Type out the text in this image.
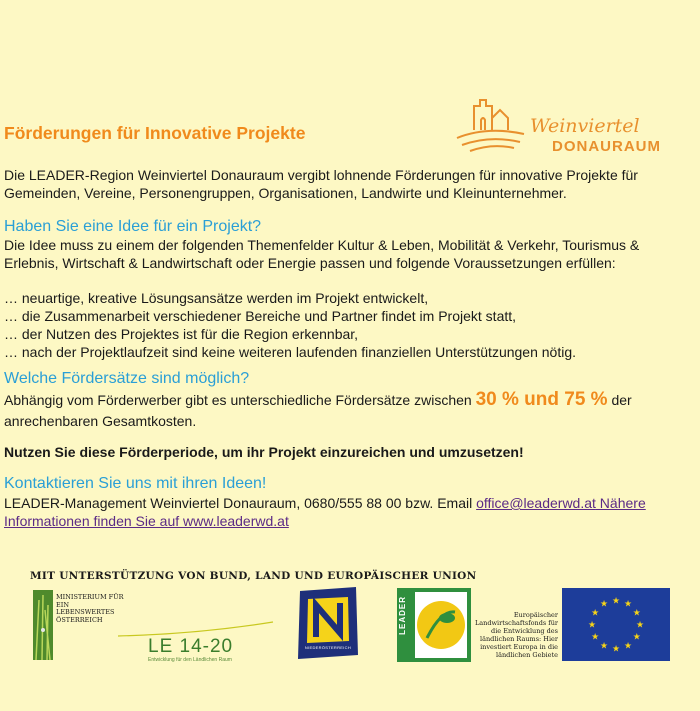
Weinviertel
DONAURAUM
Förderungen für Innovative Projekte

Die LEADER-Region Weinviertel Donauraum vergibt lohnende Förderungen für innovative Projekte für Gemeinden, Vereine, Personengruppen, Organisationen, Landwirte und Kleinunternehmer.

Haben Sie eine Idee für ein Projekt?

Die Idee muss zu einem der folgenden Themenfelder Kultur & Leben, Mobilität & Verkehr, Tourismus & Erlebnis, Wirtschaft & Landwirtschaft oder Energie passen und folgende Voraussetzungen erfüllen:

… neuartige, kreative Lösungsansätze werden im Projekt entwickelt,
… die Zusammenarbeit verschiedener Bereiche und Partner findet im Projekt statt,
… der Nutzen des Projektes ist für die Region erkennbar,
… nach der Projektlaufzeit sind keine weiteren laufenden finanziellen Unterstützungen nötig.
Welche Fördersätze sind möglich?

Abhängig vom Förderwerber gibt es unterschiedliche Fördersätze zwischen 30 % und 75 % der anrechenbaren Gesamtkosten.

Nutzen Sie diese Förderperiode, um ihr Projekt einzureichen und umzusetzen!

Kontaktieren Sie uns mit ihren Ideen!

LEADER-Management Weinviertel Donauraum, 0680/555 88 00 bzw. Email office@leaderwd.at Nähere Informationen finden Sie auf www.leaderwd.at

MIT UNTERSTÜTZUNG VON BUND, LAND UND EUROPÄISCHER UNION
MINISTERIUM FÜR EIN LEBENSWERTES ÖSTERREICH
LE 14-20
Entwicklung für den Ländlichen Raum
NIEDERÖSTERREICH
LEADER	Europäischer Landwirtschaftsfonds für die Entwicklung des ländlichen Raums: Hier investiert Europa in die ländlichen Gebiete
★ ★
★
★
★
★
★
★
★
★
★
★
